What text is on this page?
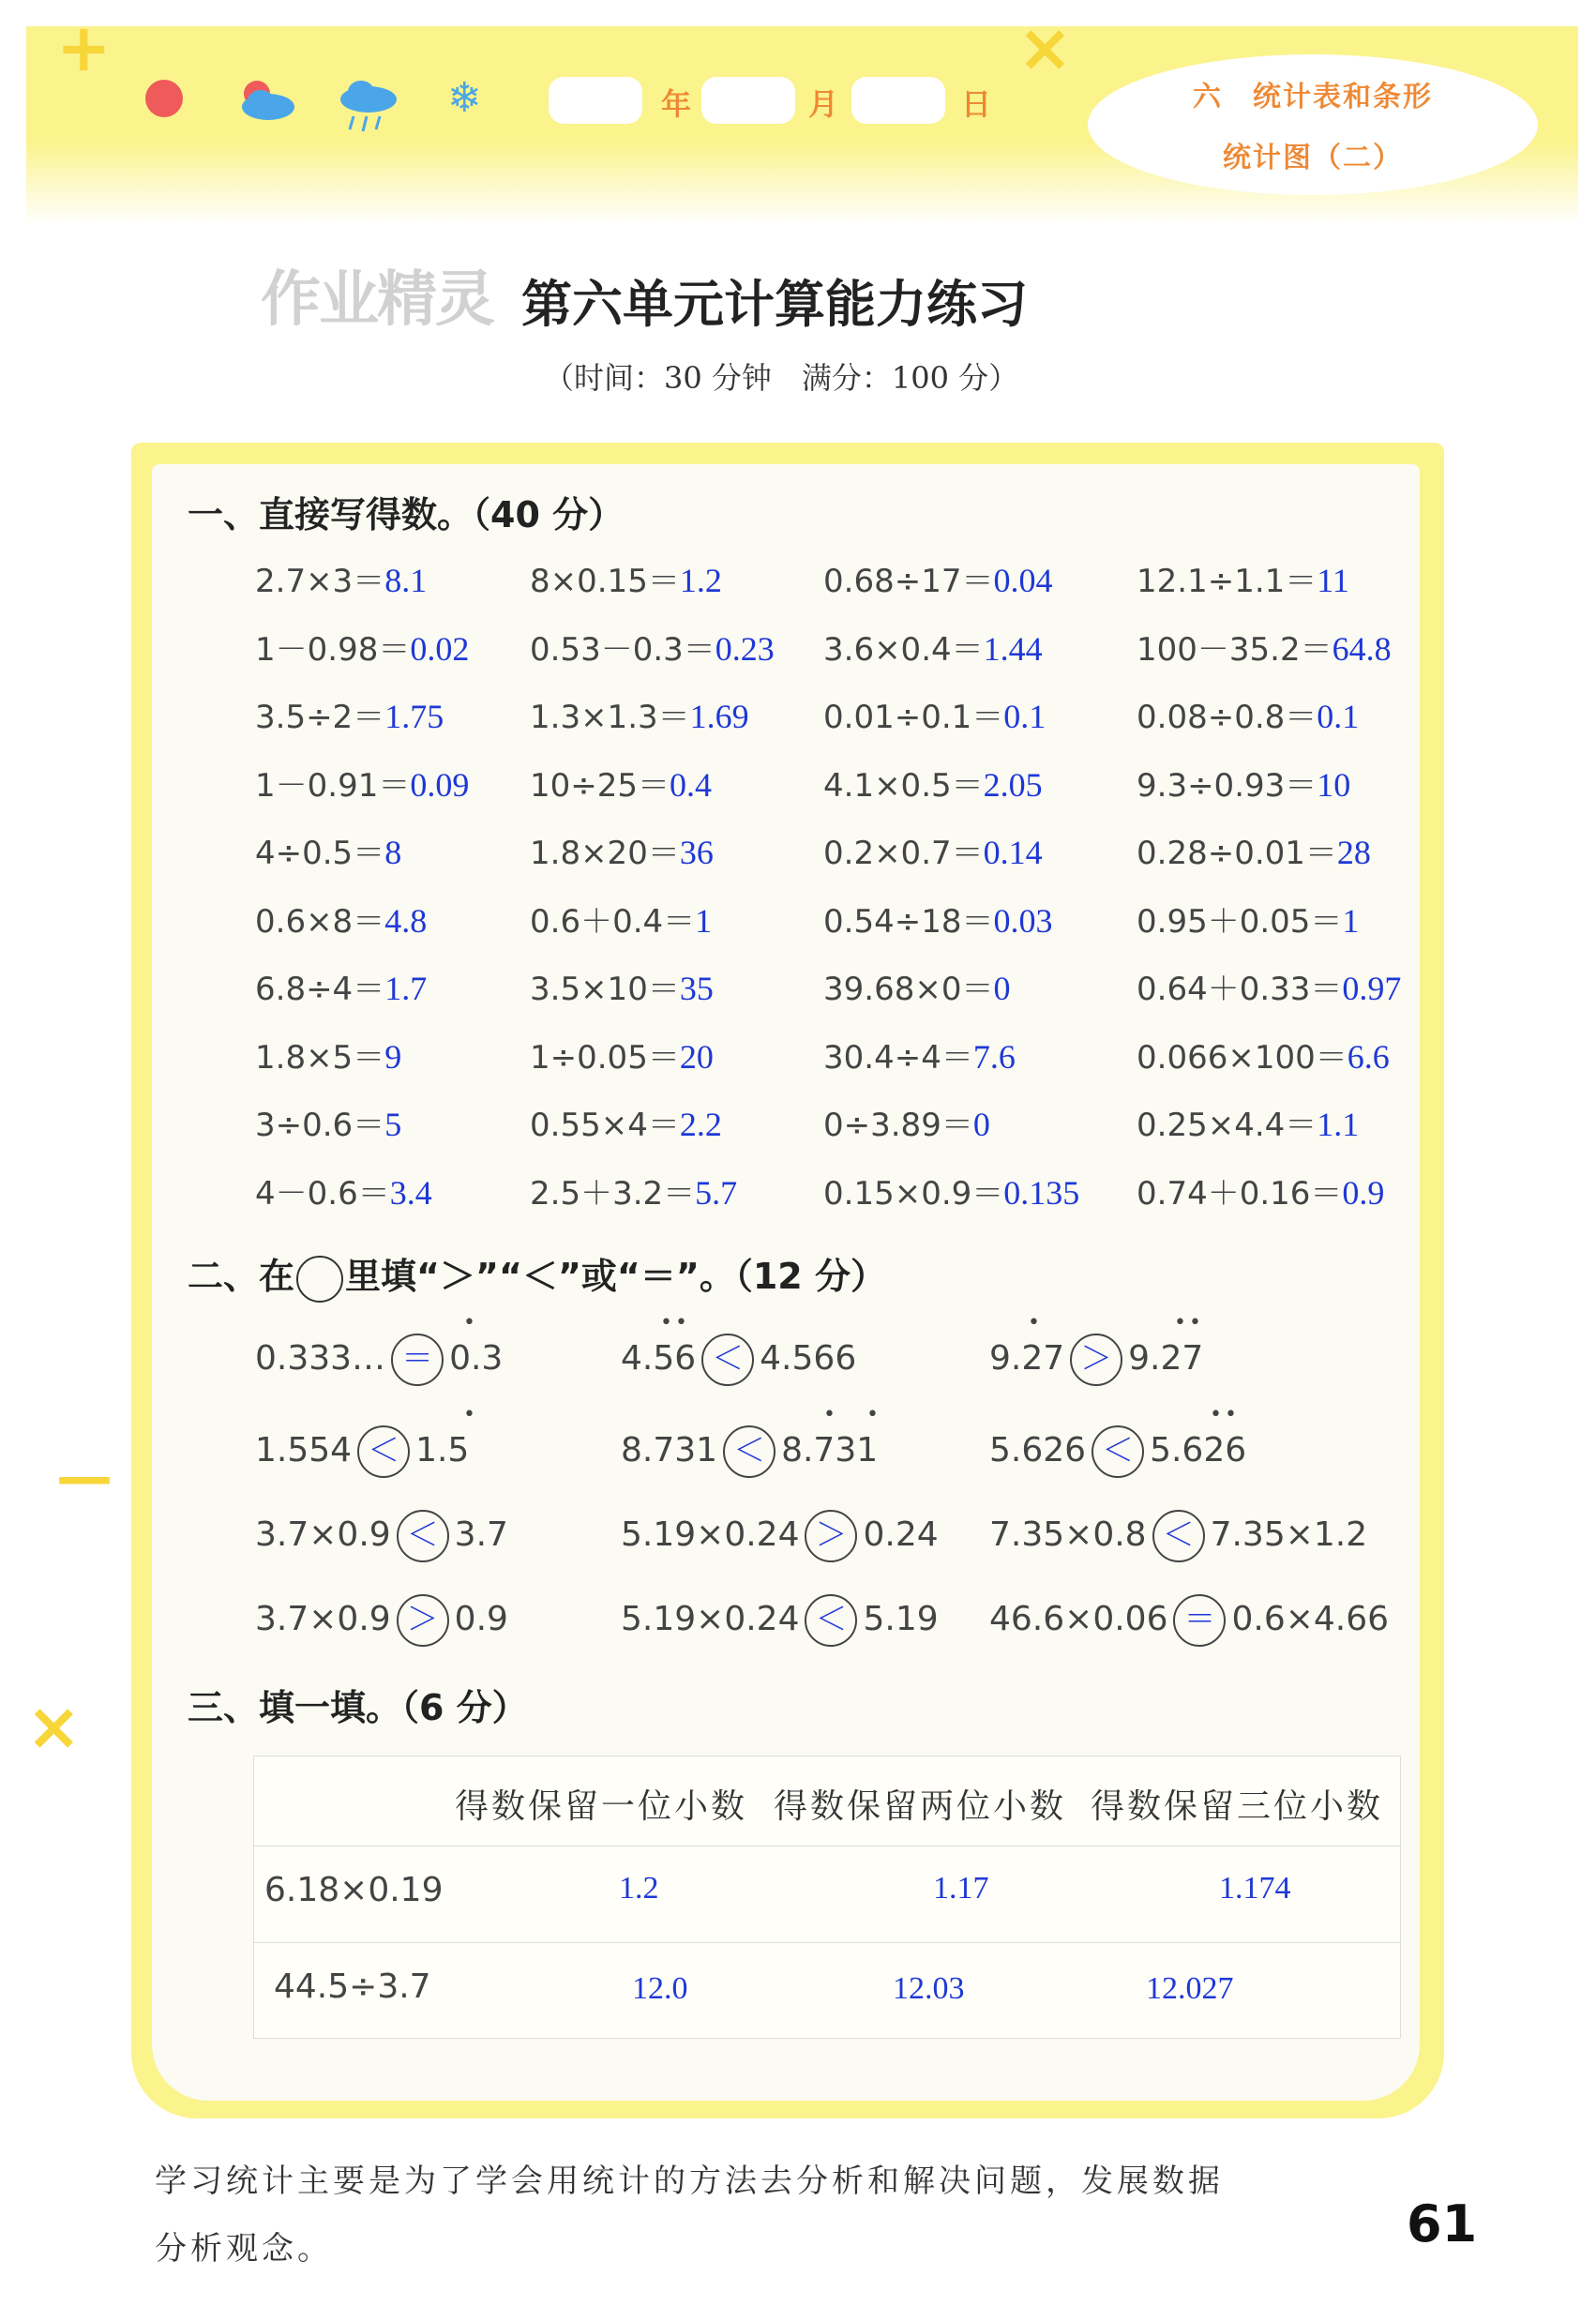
+	×
❄	年	月	日	六　统计表和条形
统计图（二）
作业精灵 第六单元计算能力练习
（时间：30 分钟　满分：100 分）
—
×
一、直接写得数。（40 分）
2.7×3＝8.1	8×0.15＝1.2	0.68÷17＝0.04	12.1÷1.1＝11
1－0.98＝0.02 0.53－0.3＝0.23 3.6×0.4＝1.44	100－35.2＝64.8
3.5÷2＝1.75	1.3×1.3＝1.69 0.01÷0.1＝0.1	0.08÷0.8＝0.1
1－0.91＝0.09 10÷25＝0.4	4.1×0.5＝2.05	9.3÷0.93＝10
4÷0.5＝8	1.8×20＝36	0.2×0.7＝0.14	0.28÷0.01＝28
0.6×8＝4.8	0.6＋0.4＝1	0.54÷18＝0.03	0.95＋0.05＝1
6.8÷4＝1.7	3.5×10＝35	39.68×0＝0	0.64＋0.33＝0.97
1.8×5＝9	1÷0.05＝20	30.4÷4＝7.6	0.066×100＝6.6
3÷0.6＝5	0.55×4＝2.2	0÷3.89＝0	0.25×4.4＝1.1
4－0.6＝3.4	2.5＋3.2＝5.7	0.15×0.9＝0.135 0.74＋0.16＝0.9
二、在 里填“＞”“＜”或“＝”。（12 分）
0.333… ＝ 0.3	4.56 ＜ 4.566	9.27 ＞ 9.27
1.554 ＜ 1.5	8.731 ＜ 8.731	5.626 ＜ 5.626
3.7×0.9 ＜ 3.7	5.19×0.24 ＞ 0.24 7.35×0.8 ＜ 7.35×1.2
3.7×0.9 ＞ 0.9	5.19×0.24 ＜ 5.19 46.6×0.06 ＝ 0.6×4.66
•	• •	•	• •
•	• •	• •
三、填一填。（6 分）
得数保留一位小数 得数保留两位小数 得数保留三位小数
6.18×0.19	1.2	1.17	1.174
44.5÷3.7	12.0	12.03	12.027
学习统计主要是为了学会用统计的方法去分析和解决问题，发展数据
分析观念。	61
